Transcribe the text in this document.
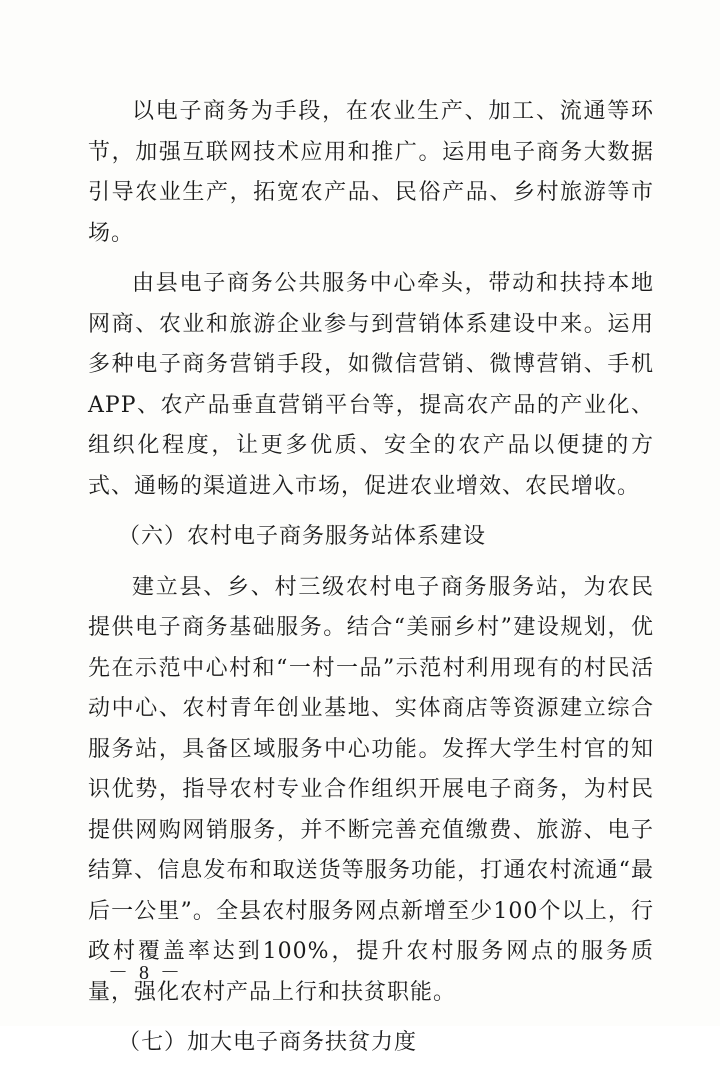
以电子商务为手段，在农业生产、加工、流通等环节，加强互联网技术应用和推广。运用电子商务大数据引导农业生产，拓宽农产品、民俗产品、乡村旅游等市场。

由县电子商务公共服务中心牵头，带动和扶持本地网商、农业和旅游企业参与到营销体系建设中来。运用多种电子商务营销手段，如微信营销、微博营销、手机APP、农产品垂直营销平台等，提高农产品的产业化、组织化程度，让更多优质、安全的农产品以便捷的方式、通畅的渠道进入市场，促进农业增效、农民增收。

（六）农村电子商务服务站体系建设

建立县、乡、村三级农村电子商务服务站，为农民提供电子商务基础服务。结合“美丽乡村”建设规划，优先在示范中心村和“一村一品”示范村利用现有的村民活动中心、农村青年创业基地、实体商店等资源建立综合服务站，具备区域服务中心功能。发挥大学生村官的知识优势，指导农村专业合作组织开展电子商务，为村民提供网购网销服务，并不断完善充值缴费、旅游、电子结算、信息发布和取送货等服务功能，打通农村流通“最后一公里”。全县农村服务网点新增至少100个以上，行政村覆盖率达到100%，提升农村服务网点的服务质量，强化农村产品上行和扶贫职能。

（七）加大电子商务扶贫力度

－ 8 －
